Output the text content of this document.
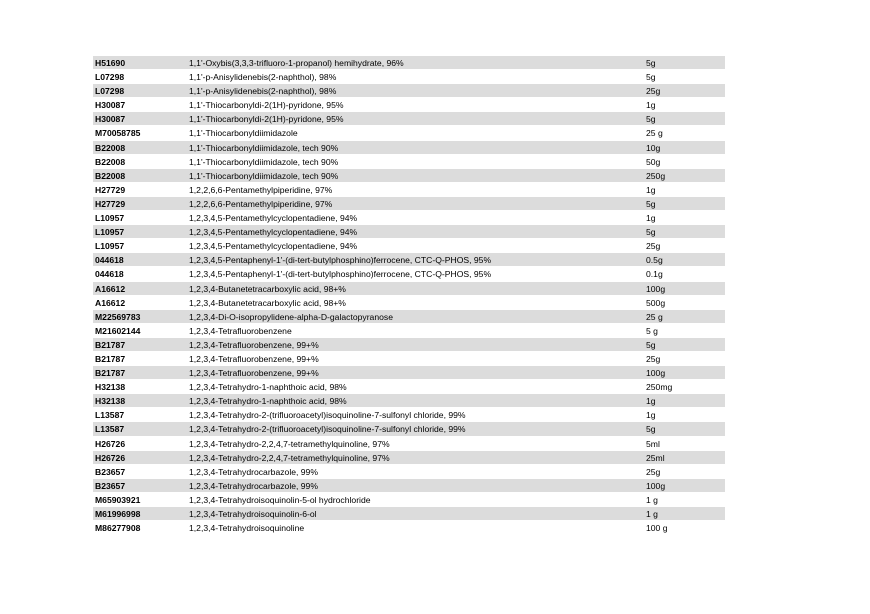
H51690	1,1'-Oxybis(3,3,3-trifluoro-1-propanol) hemihydrate, 96%	5g
L07298	1,1'-p-Anisylidenebis(2-naphthol), 98%	5g
L07298	1,1'-p-Anisylidenebis(2-naphthol), 98%	25g
H30087	1,1'-Thiocarbonyldi-2(1H)-pyridone, 95%	1g
H30087	1,1'-Thiocarbonyldi-2(1H)-pyridone, 95%	5g
M70058785	1,1'-Thiocarbonyldiimidazole	25 g
B22008	1,1'-Thiocarbonyldiimidazole, tech 90%	10g
B22008	1,1'-Thiocarbonyldiimidazole, tech 90%	50g
B22008	1,1'-Thiocarbonyldiimidazole, tech 90%	250g
H27729	1,2,2,6,6-Pentamethylpiperidine, 97%	1g
H27729	1,2,2,6,6-Pentamethylpiperidine, 97%	5g
L10957	1,2,3,4,5-Pentamethylcyclopentadiene, 94%	1g
L10957	1,2,3,4,5-Pentamethylcyclopentadiene, 94%	5g
L10957	1,2,3,4,5-Pentamethylcyclopentadiene, 94%	25g
044618	1,2,3,4,5-Pentaphenyl-1'-(di-tert-butylphosphino)ferrocene, CTC-Q-PHOS, 95%	0.5g
044618	1,2,3,4,5-Pentaphenyl-1'-(di-tert-butylphosphino)ferrocene, CTC-Q-PHOS, 95%	0.1g
A16612	1,2,3,4-Butanetetracarboxylic acid, 98+%	100g
A16612	1,2,3,4-Butanetetracarboxylic acid, 98+%	500g
M22569783	1,2,3,4-Di-O-isopropylidene-alpha-D-galactopyranose	25 g
M21602144	1,2,3,4-Tetrafluorobenzene	5 g
B21787	1,2,3,4-Tetrafluorobenzene, 99+%	5g
B21787	1,2,3,4-Tetrafluorobenzene, 99+%	25g
B21787	1,2,3,4-Tetrafluorobenzene, 99+%	100g
H32138	1,2,3,4-Tetrahydro-1-naphthoic acid, 98%	250mg
H32138	1,2,3,4-Tetrahydro-1-naphthoic acid, 98%	1g
L13587	1,2,3,4-Tetrahydro-2-(trifluoroacetyl)isoquinoline-7-sulfonyl chloride, 99%	1g
L13587	1,2,3,4-Tetrahydro-2-(trifluoroacetyl)isoquinoline-7-sulfonyl chloride, 99%	5g
H26726	1,2,3,4-Tetrahydro-2,2,4,7-tetramethylquinoline, 97%	5ml
H26726	1,2,3,4-Tetrahydro-2,2,4,7-tetramethylquinoline, 97%	25ml
B23657	1,2,3,4-Tetrahydrocarbazole, 99%	25g
B23657	1,2,3,4-Tetrahydrocarbazole, 99%	100g
M65903921	1,2,3,4-Tetrahydroisoquinolin-5-ol hydrochloride	1 g
M61996998	1,2,3,4-Tetrahydroisoquinolin-6-ol	1 g
M86277908	1,2,3,4-Tetrahydroisoquinoline	100 g
